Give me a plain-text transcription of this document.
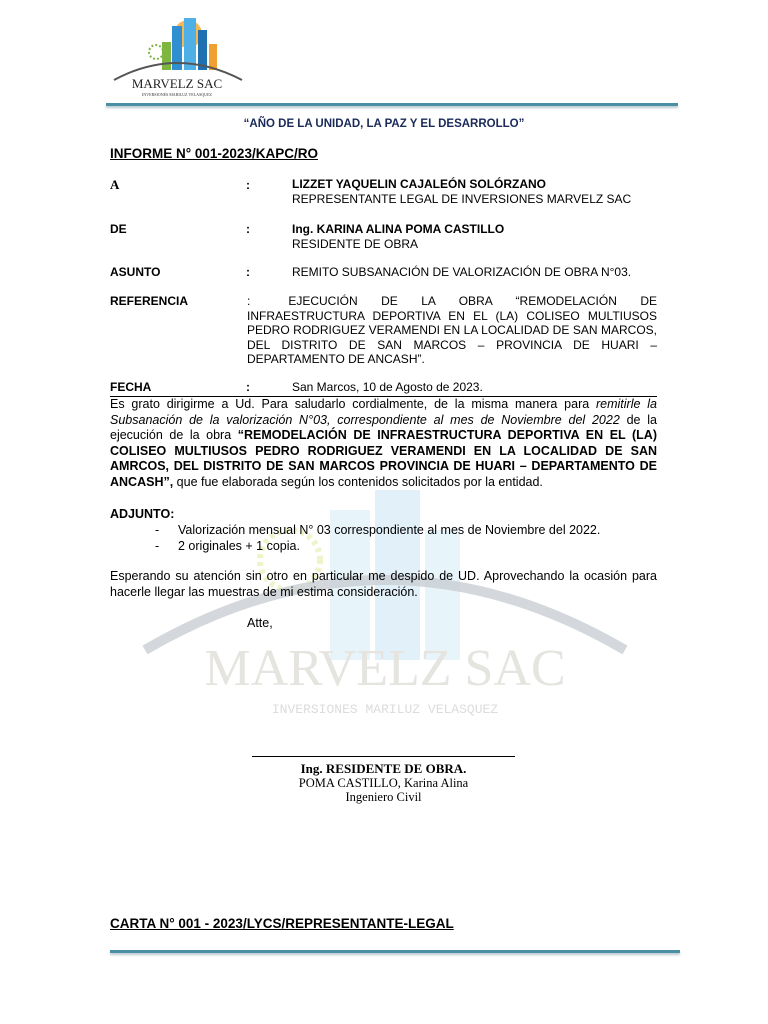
MARVELZ SAC
INVERSIONES MARILUZ VELASQUEZ
“AÑO DE LA UNIDAD, LA PAZ Y EL DESARROLLO”
INFORME N° 001-2023/KAPC/RO
MARVELZ SAC
INVERSIONES MARILUZ VELASQUEZ
A	:	LIZZET YAQUELIN CAJALEÓN SOLÓRZANO
REPRESENTANTE LEGAL DE INVERSIONES MARVELZ SAC
DE	:	Ing. KARINA ALINA POMA CASTILLO
RESIDENTE DE OBRA
ASUNTO	:	REMITO SUBSANACIÓN DE VALORIZACIÓN DE OBRA N°03.
REFERENCIA	:	EJECUCIÓN DE LA OBRA “REMODELACIÓN DE
INFRAESTRUCTURA DEPORTIVA EN EL (LA) COLISEO MULTIUSOS PEDRO RODRIGUEZ VERAMENDI EN LA LOCALIDAD DE SAN MARCOS, DEL DISTRITO DE SAN MARCOS – PROVINCIA DE HUARI – DEPARTAMENTO DE ANCASH”.
FECHA	:	San Marcos, 10 de Agosto de 2023.
Es grato dirigirme a Ud. Para saludarlo cordialmente, de la misma manera para remitirle la Subsanación de la valorización N°03, correspondiente al mes de Noviembre del 2022 de la ejecución de la obra “REMODELACIÓN DE INFRAESTRUCTURA DEPORTIVA EN EL (LA) COLISEO MULTIUSOS PEDRO RODRIGUEZ VERAMENDI EN LA LOCALIDAD DE SAN AMRCOS, DEL DISTRITO DE SAN MARCOS PROVINCIA DE HUARI – DEPARTAMENTO DE ANCASH”, que fue elaborada según los contenidos solicitados por la entidad.
ADJUNTO:
- Valorización mensual N° 03 correspondiente al mes de Noviembre del 2022.
- 2 originales + 1 copia.
Esperando su atención sin otro en particular me despido de UD. Aprovechando la ocasión para hacerle llegar las muestras de mi estima consideración.
Atte,
Ing. RESIDENTE DE OBRA.
POMA CASTILLO, Karina Alina
Ingeniero Civil
CARTA N° 001 - 2023/LYCS/REPRESENTANTE-LEGAL
